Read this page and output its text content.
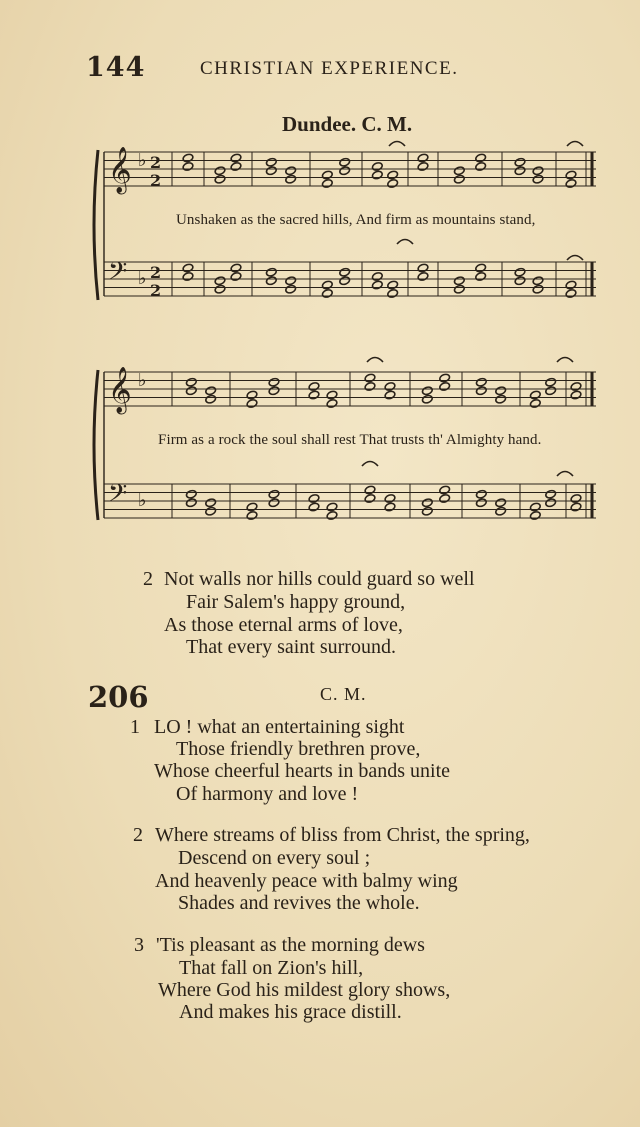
144	CHRISTIAN EXPERIENCE.
Dundee. C. M.
𝄞 ♭
𝄢 ♭
𝄞 ♭
𝄢 ♭
2
2
2
2
Unshaken as the sacred hills, And firm as mountains stand,
Firm as a rock the soul shall rest That trusts th' Almighty hand.
2 Not walls nor hills could guard so well
Fair Salem's happy ground,
As those eternal arms of love,
That every saint surround.
206	C. M.
1 LO ! what an entertaining sight
Those friendly brethren prove,
Whose cheerful hearts in bands unite
Of harmony and love !
2 Where streams of bliss from Christ, the spring,
Descend on every soul ;
And heavenly peace with balmy wing
Shades and revives the whole.
3 'Tis pleasant as the morning dews
That fall on Zion's hill,
Where God his mildest glory shows,
And makes his grace distill.
